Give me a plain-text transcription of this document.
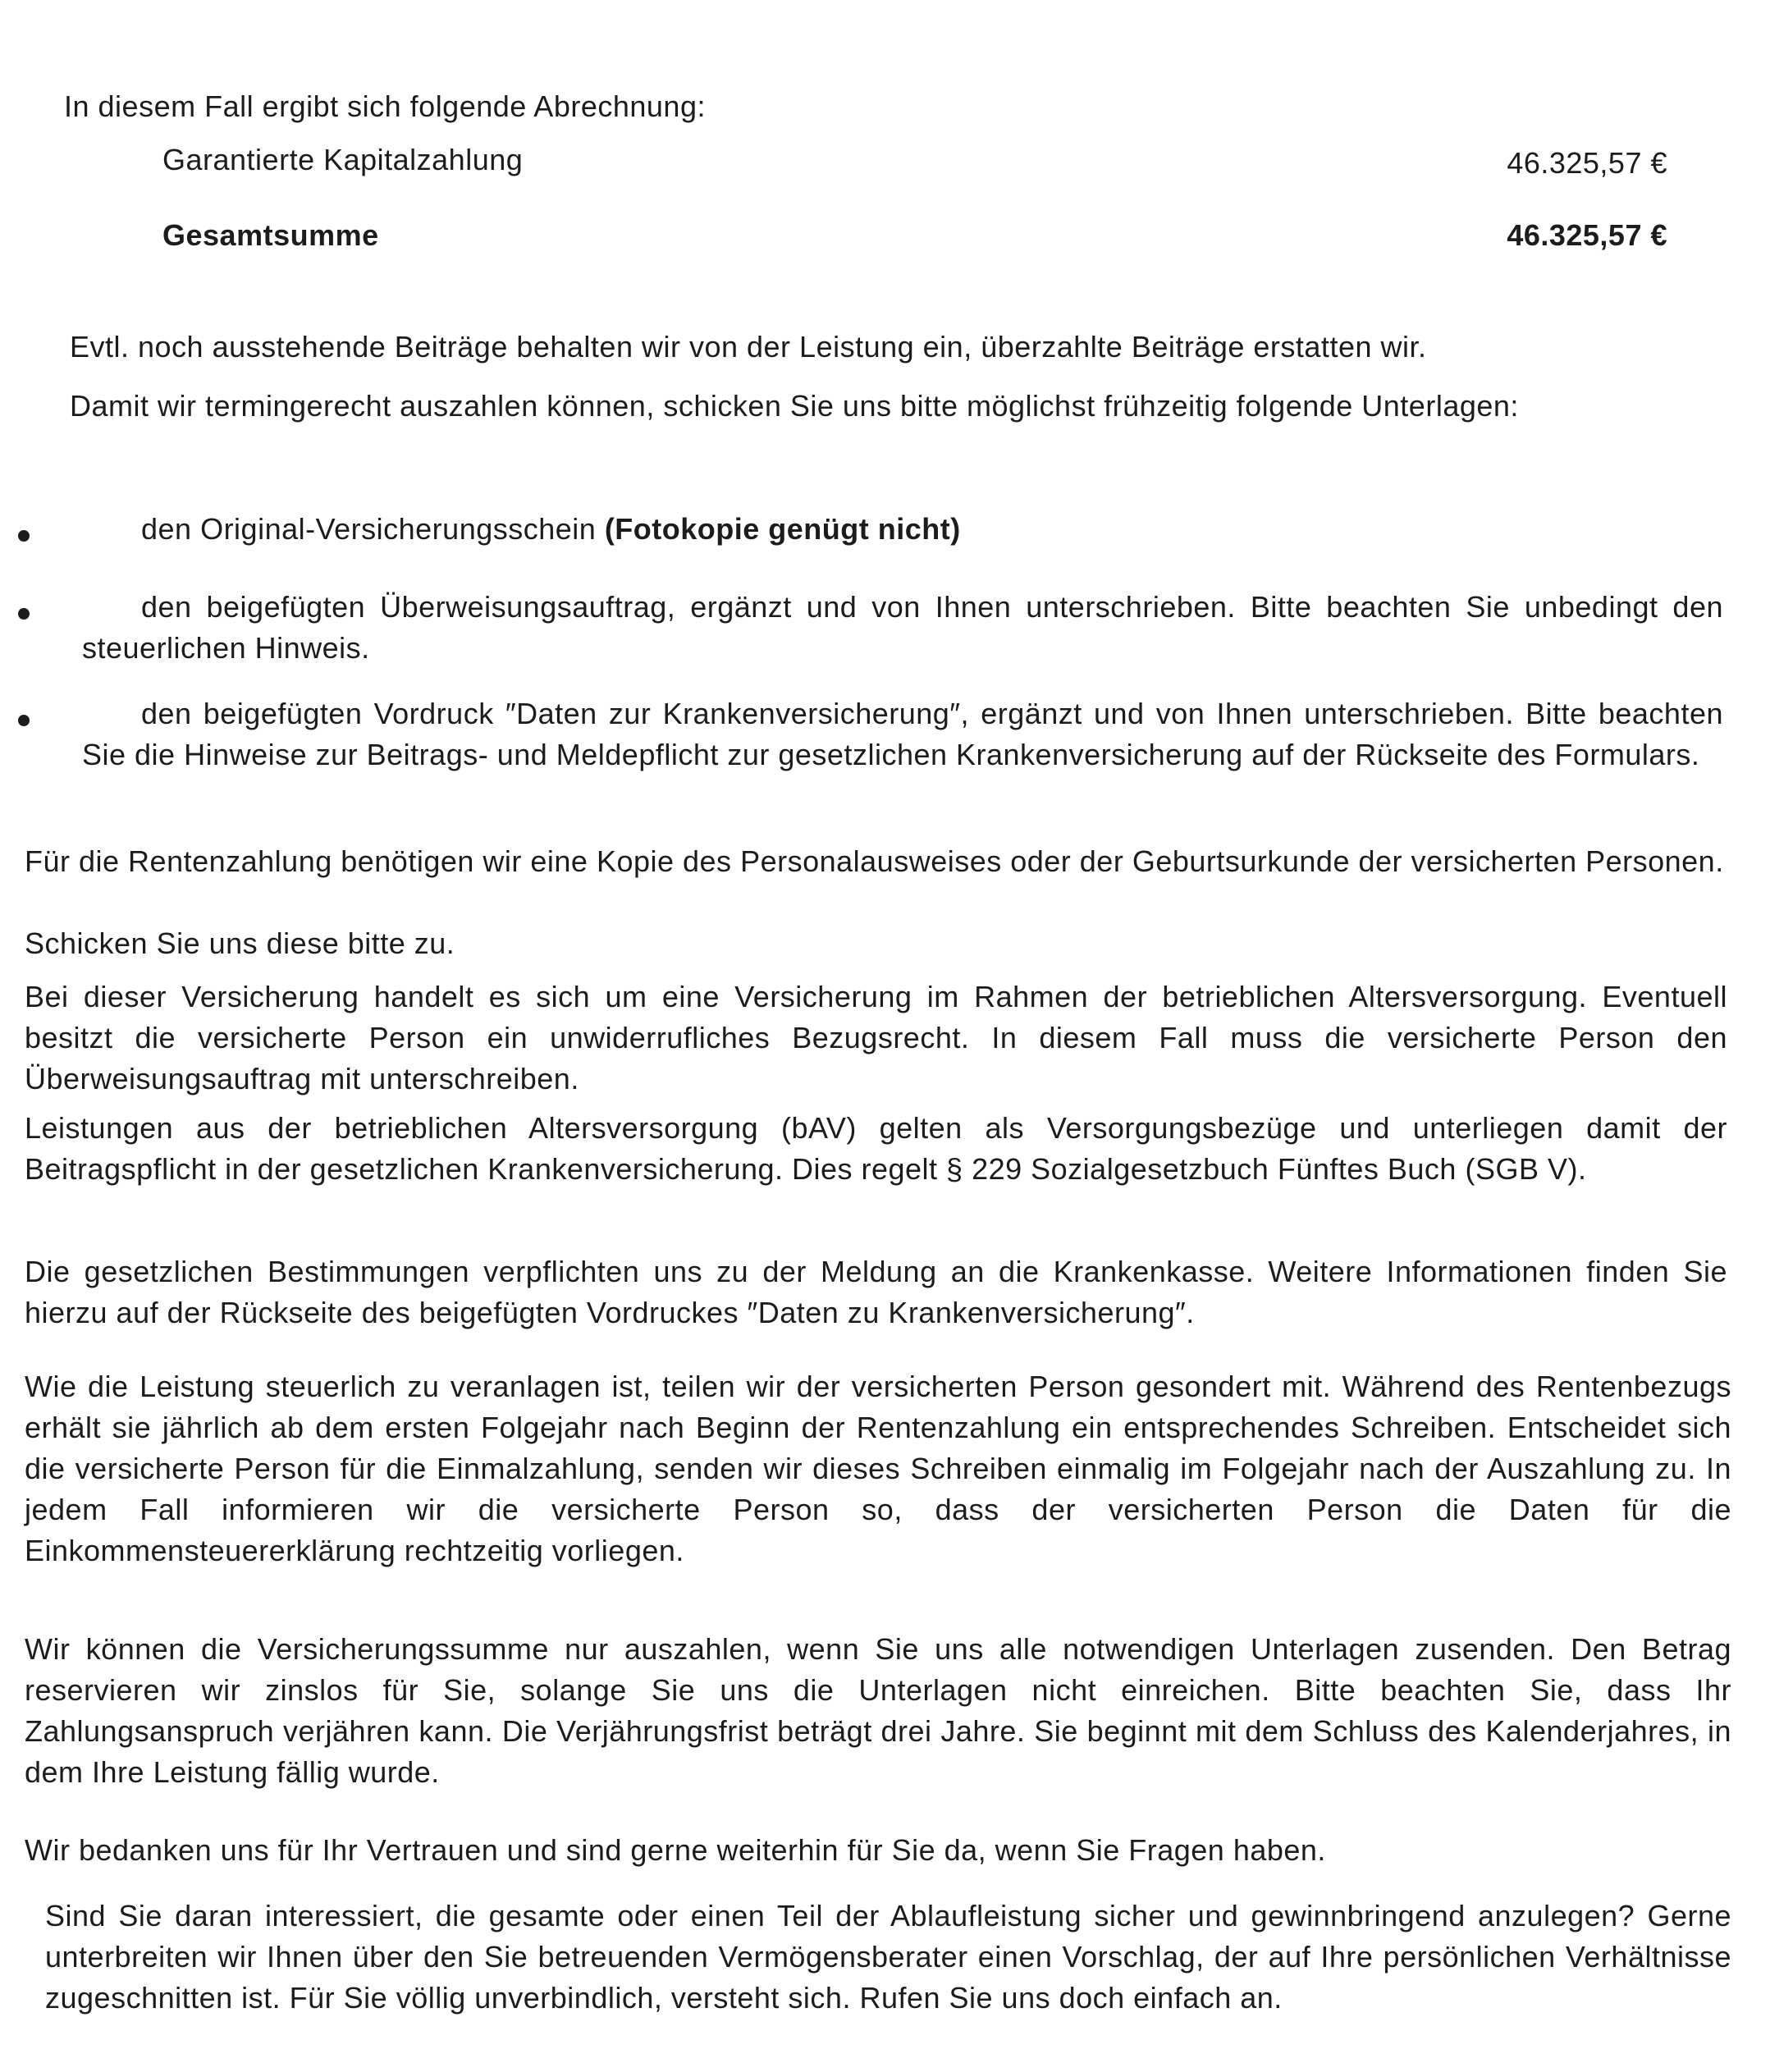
In diesem Fall ergibt sich folgende Abrechnung:

Garantierte Kapitalzahlung	46.325,57 €

Gesamtsumme	46.325,57 €

Evtl. noch ausstehende Beiträge behalten wir von der Leistung ein, überzahlte Beiträge erstatten wir.

Damit wir termingerecht auszahlen können, schicken Sie uns bitte möglichst frühzeitig folgende Unterlagen:

den Original-Versicherungsschein (Fotokopie genügt nicht)

den beigefügten Überweisungsauftrag, ergänzt und von Ihnen unterschrieben. Bitte beachten Sie unbedingt den steuerlichen Hinweis.

den beigefügten Vordruck ″Daten zur Krankenversicherung″, ergänzt und von Ihnen unterschrieben. Bitte beachten Sie die Hinweise zur Beitrags- und Meldepflicht zur gesetzlichen Krankenversicherung auf der Rückseite des Formulars.

Für die Rentenzahlung benötigen wir eine Kopie des Personalausweises oder der Geburtsurkunde der versicherten Personen.

Schicken Sie uns diese bitte zu.

Bei dieser Versicherung handelt es sich um eine Versicherung im Rahmen der betrieblichen Altersversorgung. Eventuell besitzt die versicherte Person ein unwiderrufliches Bezugsrecht. In diesem Fall muss die versicherte Person den Überweisungsauftrag mit unterschreiben.

Leistungen aus der betrieblichen Altersversorgung (bAV) gelten als Versorgungsbezüge und unterliegen damit der Beitragspflicht in der gesetzlichen Krankenversicherung. Dies regelt § 229 Sozialgesetzbuch Fünftes Buch (SGB V).

Die gesetzlichen Bestimmungen verpflichten uns zu der Meldung an die Krankenkasse. Weitere Informationen finden Sie hierzu auf der Rückseite des beigefügten Vordruckes ″Daten zu Krankenversicherung″.

Wie die Leistung steuerlich zu veranlagen ist, teilen wir der versicherten Person gesondert mit. Während des Rentenbezugs erhält sie jährlich ab dem ersten Folgejahr nach Beginn der Rentenzahlung ein entsprechendes Schreiben. Entscheidet sich die versicherte Person für die Einmalzahlung, senden wir dieses Schreiben einmalig im Folgejahr nach der Auszahlung zu. In jedem Fall informieren wir die versicherte Person so, dass der versicherten Person die Daten für die Einkommensteuererklärung rechtzeitig vorliegen.

Wir können die Versicherungssumme nur auszahlen, wenn Sie uns alle notwendigen Unterlagen zusenden. Den Betrag reservieren wir zinslos für Sie, solange Sie uns die Unterlagen nicht einreichen. Bitte beachten Sie, dass Ihr Zahlungsanspruch verjähren kann. Die Verjährungsfrist beträgt drei Jahre. Sie beginnt mit dem Schluss des Kalenderjahres, in dem Ihre Leistung fällig wurde.

Wir bedanken uns für Ihr Vertrauen und sind gerne weiterhin für Sie da, wenn Sie Fragen haben.

Sind Sie daran interessiert, die gesamte oder einen Teil der Ablaufleistung sicher und gewinnbringend anzulegen? Gerne unterbreiten wir Ihnen über den Sie betreuenden Vermögensberater einen Vorschlag, der auf Ihre persönlichen Verhältnisse zugeschnitten ist. Für Sie völlig unverbindlich, versteht sich. Rufen Sie uns doch einfach an.
